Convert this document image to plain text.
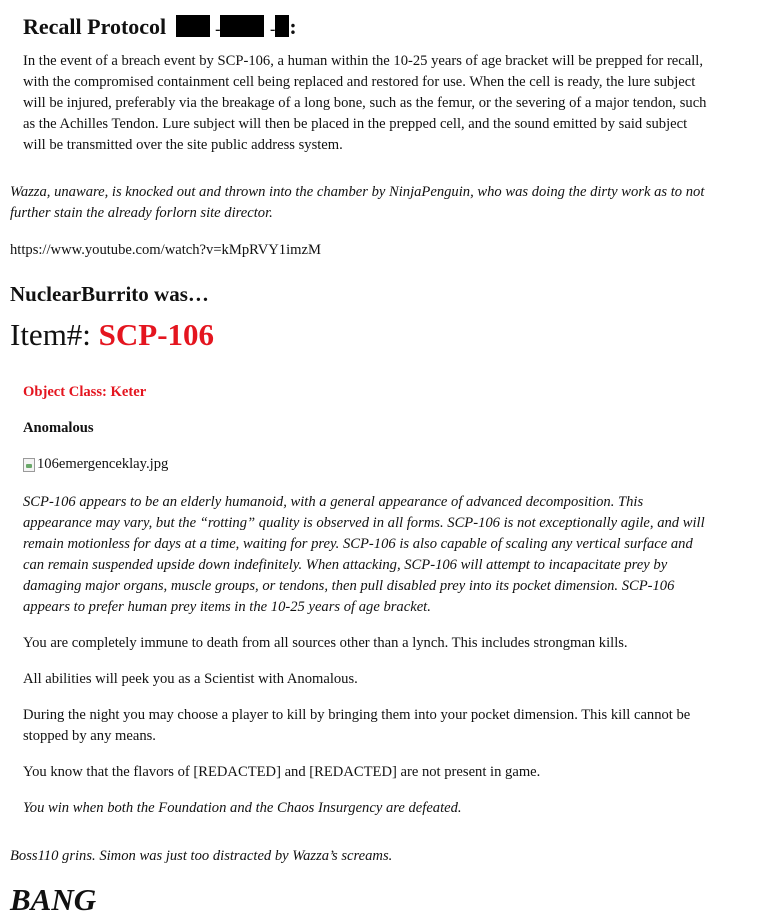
Recall Protocol	-	- :

In the event of a breach event by SCP-106, a human within the 10-25 years of age bracket will be prepped for recall, with the compromised containment cell being replaced and restored for use. When the cell is ready, the lure subject will be injured, preferably via the breakage of a long bone, such as the femur, or the severing of a major tendon, such as the Achilles Tendon. Lure subject will then be placed in the prepped cell, and the sound emitted by said subject will be transmitted over the site public address system.

Wazza, unaware, is knocked out and thrown into the chamber by NinjaPenguin, who was doing the dirty work as to not further stain the already forlorn site director.

https://www.youtube.com/watch?v=kMpRVY1imzM
NuclearBurrito was…
Item#: SCP-106
Object Class: Keter
Anomalous
106emergenceklay.jpg

SCP-106 appears to be an elderly humanoid, with a general appearance of advanced decomposition. This appearance may vary, but the “rotting” quality is observed in all forms. SCP-106 is not exceptionally agile, and will remain motionless for days at a time, waiting for prey. SCP-106 is also capable of scaling any vertical surface and can remain suspended upside down indefinitely. When attacking, SCP-106 will attempt to incapacitate prey by damaging major organs, muscle groups, or tendons, then pull disabled prey into its pocket dimension. SCP-106 appears to prefer human prey items in the 10-25 years of age bracket.

You are completely immune to death from all sources other than a lynch. This includes strongman kills.

All abilities will peek you as a Scientist with Anomalous.

During the night you may choose a player to kill by bringing them into your pocket dimension. This kill cannot be stopped by any means.

You know that the flavors of [REDACTED] and [REDACTED] are not present in game.

You win when both the Foundation and the Chaos Insurgency are defeated.

Boss110 grins. Simon was just too distracted by Wazza’s screams.

BANG
